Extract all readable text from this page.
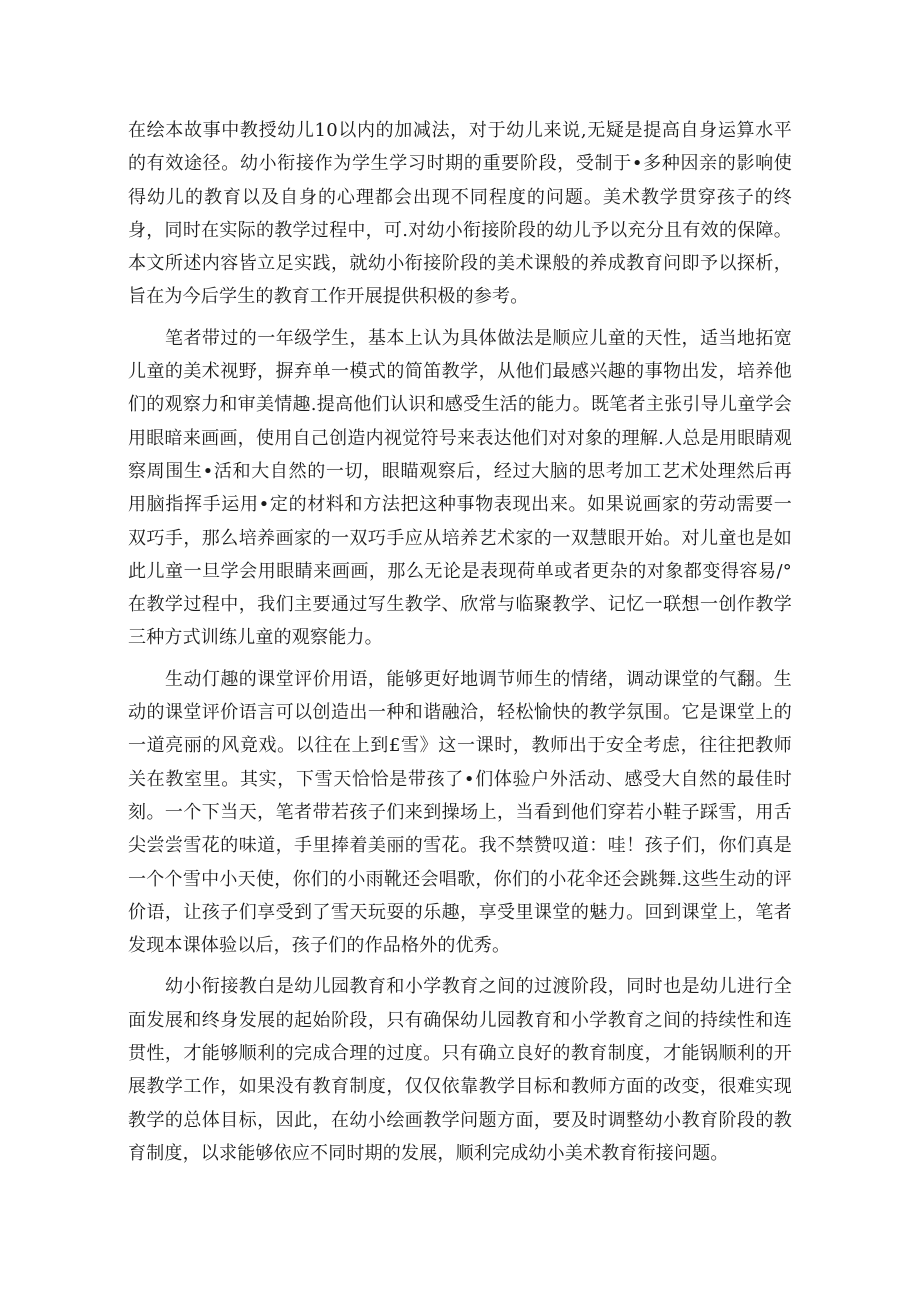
在绘本故事中教授幼儿10以内的加减法，对于幼儿来说,无疑是提高自身运算水平的有效途径。幼小衔接作为学生学习时期的重要阶段，受制于•多种因亲的影响使得幼儿的教育以及自身的心理都会出现不同程度的问题。美术教学贯穿孩子的终身，同时在实际的教学过程中，可.对幼小衔接阶段的幼儿予以充分且有效的保障。本文所述内容皆立足实践，就幼小衔接阶段的美术课般的养成教育问即予以探析，旨在为今后学生的教育工作开展提供积极的参考。

笔者带过的一年级学生，基本上认为具体做法是顺应儿童的天性，适当地拓宽儿童的美术视野，摒弃单一模式的简笛教学，从他们最感兴趣的事物出发，培养他们的观察力和审美情趣.提高他们认识和感受生活的能力。既笔者主张引导儿童学会用眼暗来画画，使用自己创造内视觉符号来表达他们对对象的理解.人总是用眼睛观察周围生•活和大自然的一切，眼瞄观察后，经过大脑的思考加工艺术处理然后再用脑指挥手运用•定的材料和方法把这种事物表现出来。如果说画家的劳动需要一双巧手，那么培养画家的一双巧手应从培养艺术家的一双慧眼开始。对儿童也是如此儿童一旦学会用眼睛来画画，那么无论是表现荷单或者更杂的对象都变得容易/°在教学过程中，我们主要通过写生教学、欣常与临聚教学、记忆一联想一创作教学三种方式训练儿童的观察能力。

生动仃趣的课堂评价用语，能够更好地调节师生的情绪，调动课堂的气翻。生动的课堂评价语言可以创造出一种和谐融洽，轻松愉快的教学氛围。它是课堂上的一道亮丽的风竟戏。以往在上到£雪》这一课时，教师出于安全考虑，往往把教师关在教室里。其实，下雪天恰恰是带孩了•们体验户外活动、感受大自然的最佳时刻。一个下当天，笔者带若孩子们来到操场上，当看到他们穿若小鞋子踩雪，用舌尖尝尝雪花的味道，手里捧着美丽的雪花。我不禁赞叹道：哇！孩子们，你们真是一个个雪中小天使，你们的小雨靴还会唱歌，你们的小花伞还会跳舞.这些生动的评价语，让孩子们享受到了雪天玩耍的乐趣，享受里课堂的魅力。回到课堂上，笔者发现本课体验以后，孩子们的作品格外的优秀。

幼小衔接教白是幼儿园教育和小学教育之间的过渡阶段，同时也是幼儿进行全面发展和终身发展的起始阶段，只有确保幼儿园教育和小学教育之间的持续性和连贯性，才能够顺利的完成合理的过度。只有确立良好的教育制度，才能锅顺利的开展教学工作，如果没有教育制度，仅仅依靠教学目标和教师方面的改变，很难实现教学的总体目标，因此，在幼小绘画教学问题方面，要及时调整幼小教育阶段的教育制度，以求能够依应不同时期的发展，顺利完成幼小美术教育衔接问题。
